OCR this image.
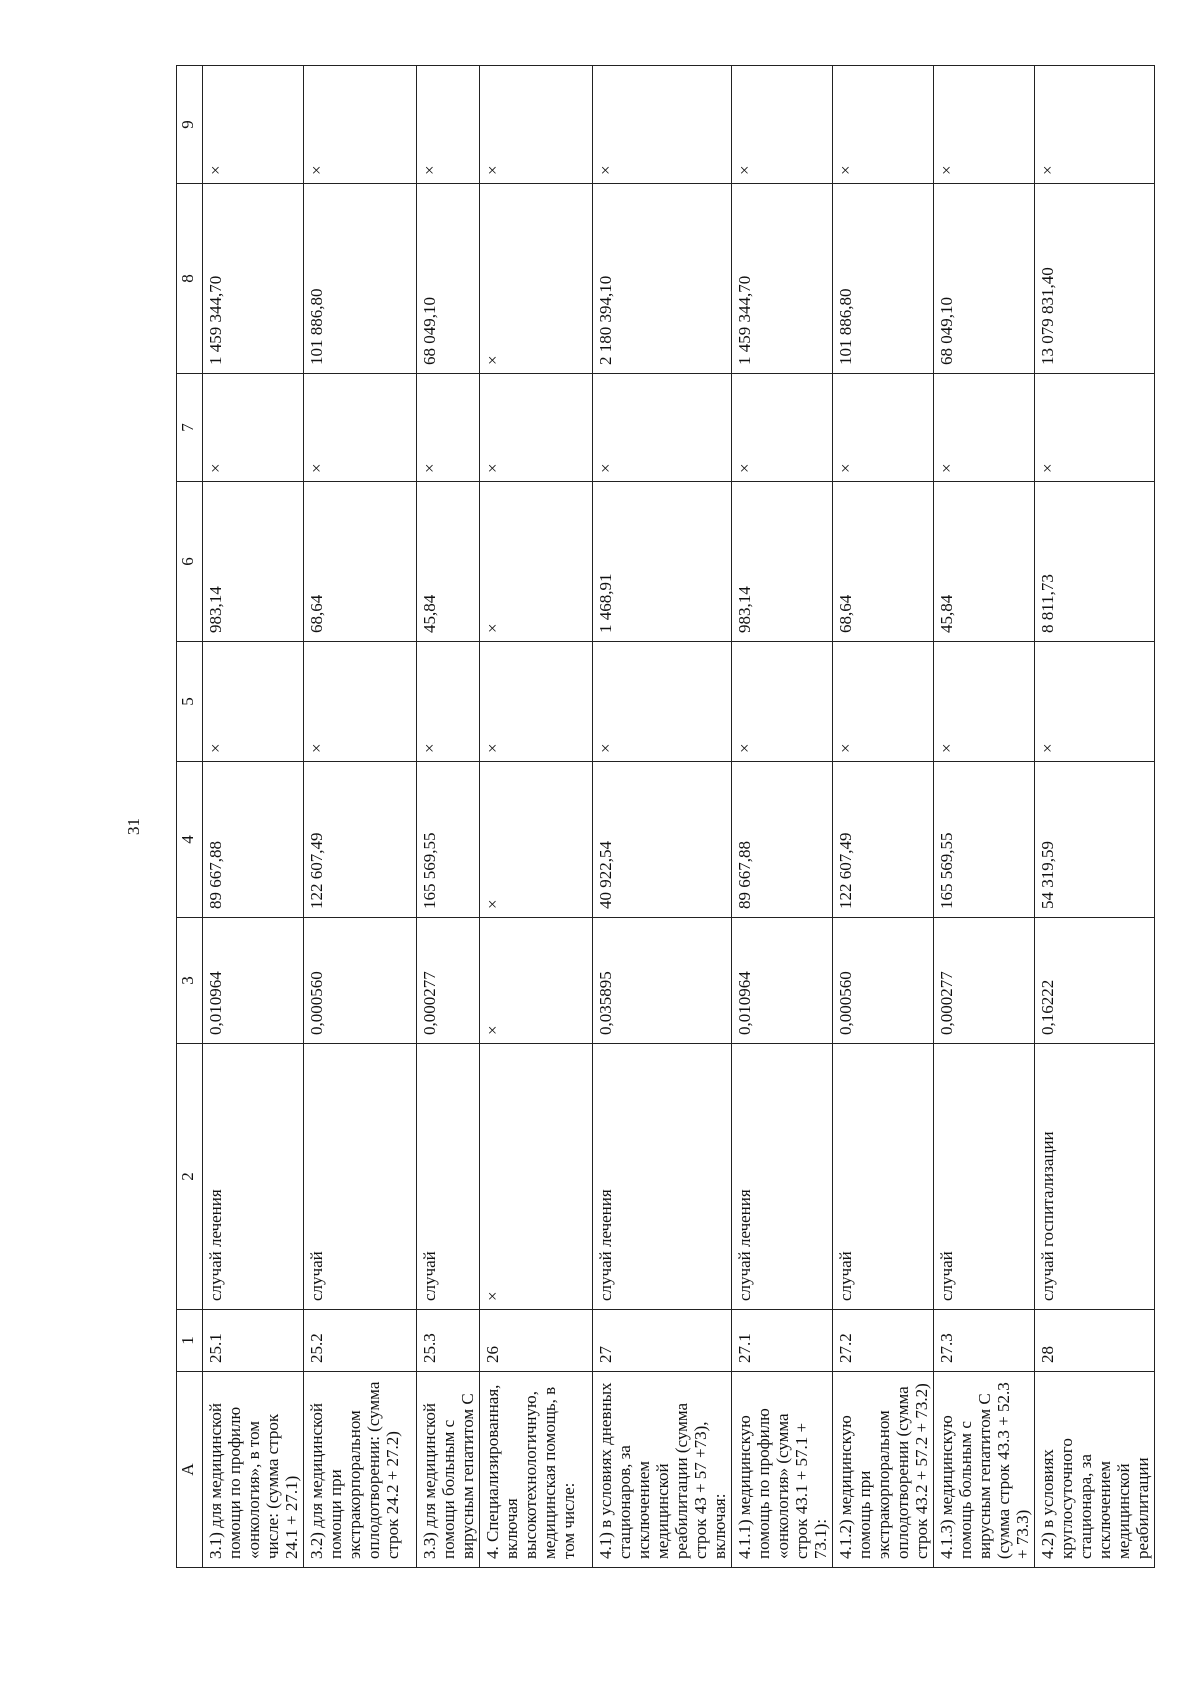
31
А	1	2	3	4	5	6	7	8	9
3.1) для медицинской помощи по профилю «онкология», в том числе: (сумма строк 24.1 + 27.1)	25.1	случай лечения	0,010964	89 667,88	×	983,14	×	1 459 344,70	×
3.2) для медицинской помощи при экстракорпоральном оплодотворении: (сумма строк 24.2 + 27.2)	25.2	случай	0,000560	122 607,49	×	68,64	×	101 886,80	×
3.3) для медицинской помощи больным с вирусным гепатитом С	25.3	случай	0,000277	165 569,55	×	45,84	×	68 049,10	×
4. Специализированная, включая высокотехнологичную, медицинская помощь, в том числе:	26	×	×	×	×	×	×	×	×
4.1) в условиях дневных стационаров, за исключением медицинской реабилитации (сумма строк 43 + 57 +73), включая:	27	случай лечения	0,035895	40 922,54	×	1 468,91	×	2 180 394,10	×
4.1.1) медицинскую помощь по профилю «онкология» (сумма строк 43.1 + 57.1 + 73.1):	27.1	случай лечения	0,010964	89 667,88	×	983,14	×	1 459 344,70	×
4.1.2) медицинскую помощь при экстракорпоральном оплодотворении (сумма строк 43.2 + 57.2 + 73.2)	27.2	случай	0,000560	122 607,49	×	68,64	×	101 886,80	×
4.1.3) медицинскую помощь больным с вирусным гепатитом С (сумма строк 43.3 + 52.3 + 73.3)	27.3	случай	0,000277	165 569,55	×	45,84	×	68 049,10	×
4.2) в условиях круглосуточного стационара, за исключением медицинской реабилитации	28	случай госпитализации	0,16222	54 319,59	×	8 811,73	×	13 079 831,40	×
